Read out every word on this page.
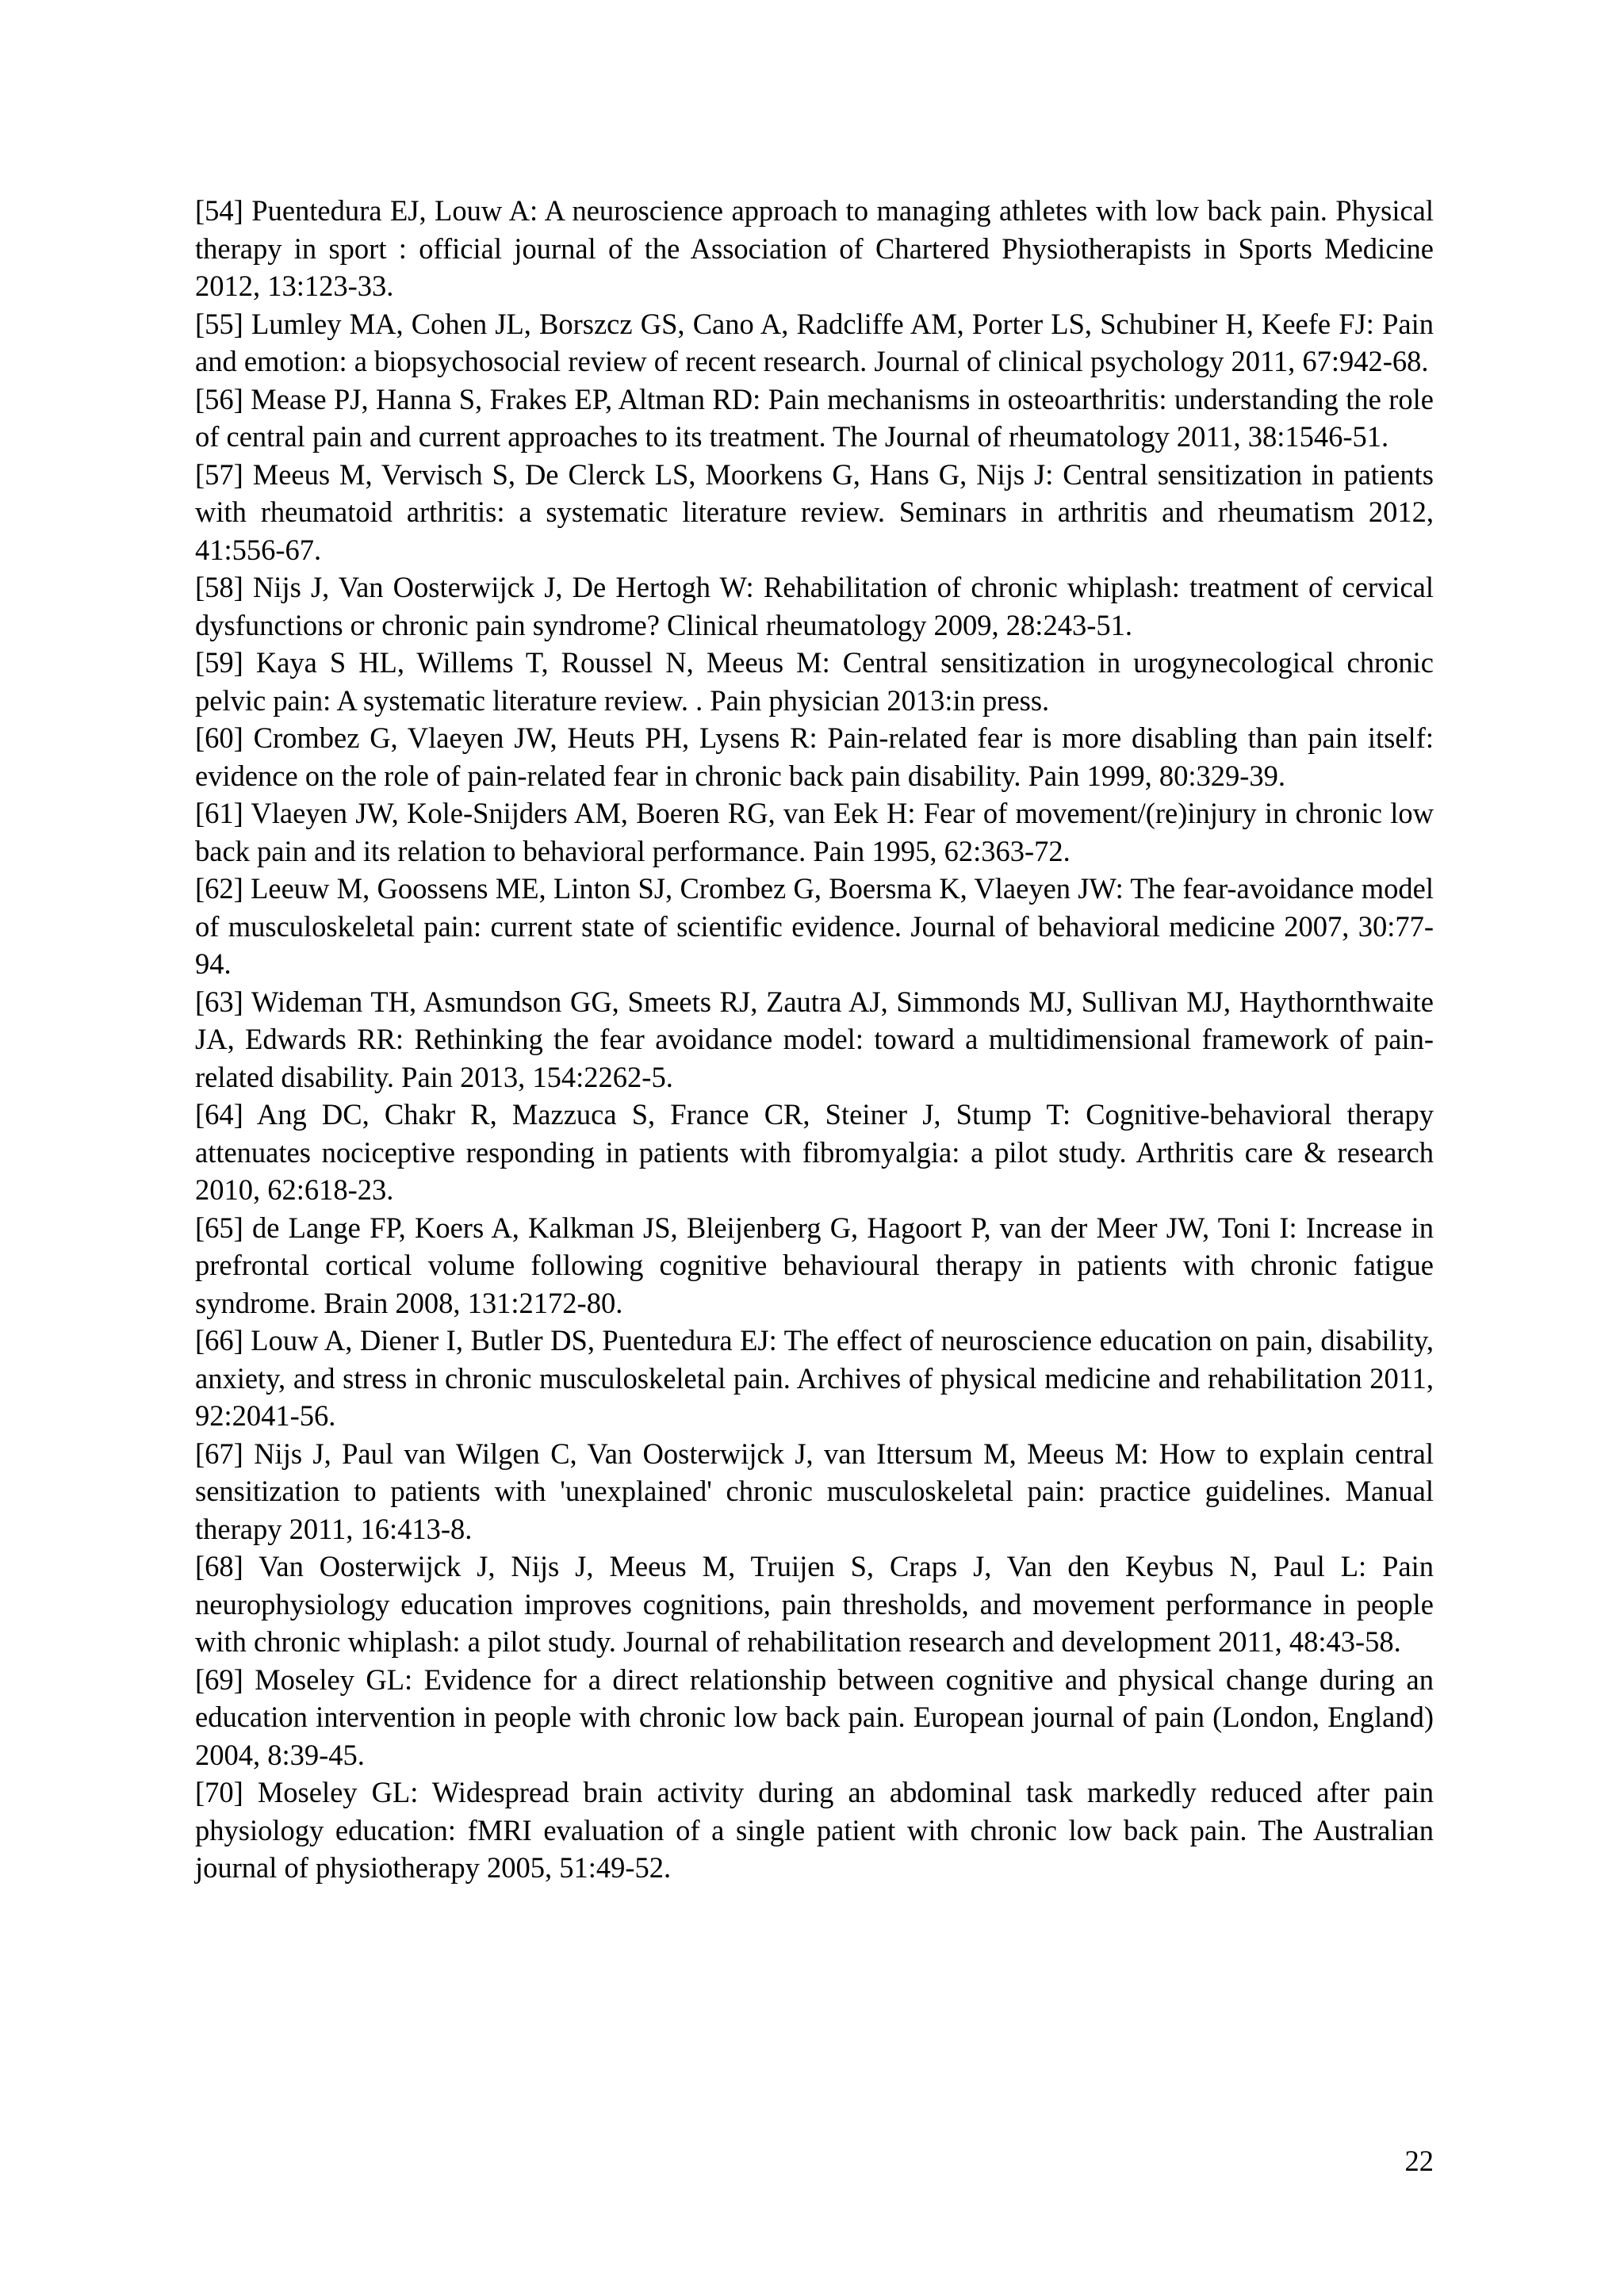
[54] Puentedura EJ, Louw A: A neuroscience approach to managing athletes with low back pain. Physical therapy in sport : official journal of the Association of Chartered Physiotherapists in Sports Medicine 2012, 13:123-33.

[55] Lumley MA, Cohen JL, Borszcz GS, Cano A, Radcliffe AM, Porter LS, Schubiner H, Keefe FJ: Pain and emotion: a biopsychosocial review of recent research. Journal of clinical psychology 2011, 67:942-68.

[56] Mease PJ, Hanna S, Frakes EP, Altman RD: Pain mechanisms in osteoarthritis: understanding the role of central pain and current approaches to its treatment. The Journal of rheumatology 2011, 38:1546-51.

[57] Meeus M, Vervisch S, De Clerck LS, Moorkens G, Hans G, Nijs J: Central sensitization in patients with rheumatoid arthritis: a systematic literature review. Seminars in arthritis and rheumatism 2012, 41:556-67.

[58] Nijs J, Van Oosterwijck J, De Hertogh W: Rehabilitation of chronic whiplash: treatment of cervical dysfunctions or chronic pain syndrome? Clinical rheumatology 2009, 28:243-51.

[59] Kaya S HL, Willems T, Roussel N, Meeus M: Central sensitization in urogynecological chronic pelvic pain: A systematic literature review. . Pain physician 2013:in press.

[60] Crombez G, Vlaeyen JW, Heuts PH, Lysens R: Pain-related fear is more disabling than pain itself: evidence on the role of pain-related fear in chronic back pain disability. Pain 1999, 80:329-39.

[61] Vlaeyen JW, Kole-Snijders AM, Boeren RG, van Eek H: Fear of movement/(re)injury in chronic low back pain and its relation to behavioral performance. Pain 1995, 62:363-72.

[62] Leeuw M, Goossens ME, Linton SJ, Crombez G, Boersma K, Vlaeyen JW: The fear-avoidance model of musculoskeletal pain: current state of scientific evidence. Journal of behavioral medicine 2007, 30:77-94.

[63] Wideman TH, Asmundson GG, Smeets RJ, Zautra AJ, Simmonds MJ, Sullivan MJ, Haythornthwaite JA, Edwards RR: Rethinking the fear avoidance model: toward a multidimensional framework of pain-related disability. Pain 2013, 154:2262-5.

[64] Ang DC, Chakr R, Mazzuca S, France CR, Steiner J, Stump T: Cognitive-behavioral therapy attenuates nociceptive responding in patients with fibromyalgia: a pilot study. Arthritis care & research 2010, 62:618-23.

[65] de Lange FP, Koers A, Kalkman JS, Bleijenberg G, Hagoort P, van der Meer JW, Toni I: Increase in prefrontal cortical volume following cognitive behavioural therapy in patients with chronic fatigue syndrome. Brain 2008, 131:2172-80.

[66] Louw A, Diener I, Butler DS, Puentedura EJ: The effect of neuroscience education on pain, disability, anxiety, and stress in chronic musculoskeletal pain. Archives of physical medicine and rehabilitation 2011, 92:2041-56.

[67] Nijs J, Paul van Wilgen C, Van Oosterwijck J, van Ittersum M, Meeus M: How to explain central sensitization to patients with 'unexplained' chronic musculoskeletal pain: practice guidelines. Manual therapy 2011, 16:413-8.

[68] Van Oosterwijck J, Nijs J, Meeus M, Truijen S, Craps J, Van den Keybus N, Paul L: Pain neurophysiology education improves cognitions, pain thresholds, and movement performance in people with chronic whiplash: a pilot study. Journal of rehabilitation research and development 2011, 48:43-58.

[69] Moseley GL: Evidence for a direct relationship between cognitive and physical change during an education intervention in people with chronic low back pain. European journal of pain (London, England) 2004, 8:39-45.

[70] Moseley GL: Widespread brain activity during an abdominal task markedly reduced after pain physiology education: fMRI evaluation of a single patient with chronic low back pain. The Australian journal of physiotherapy 2005, 51:49-52.

22
